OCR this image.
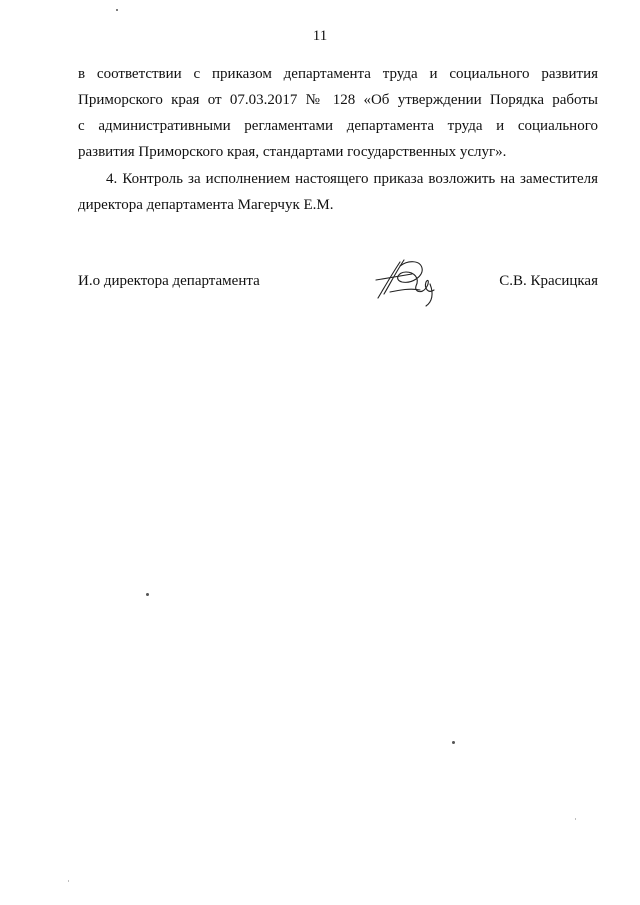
11
в соответствии с приказом департамента труда и социального развития
Приморского края от 07.03.2017 № 128 «Об утверждении Порядка работы
с административными регламентами департамента труда и социального
развития Приморского края, стандартами государственных услуг».
4. Контроль за исполнением настоящего приказа возложить на заместителя
директора департамента Магерчук Е.М.
И.о директора департамента	С.В. Красицкая
